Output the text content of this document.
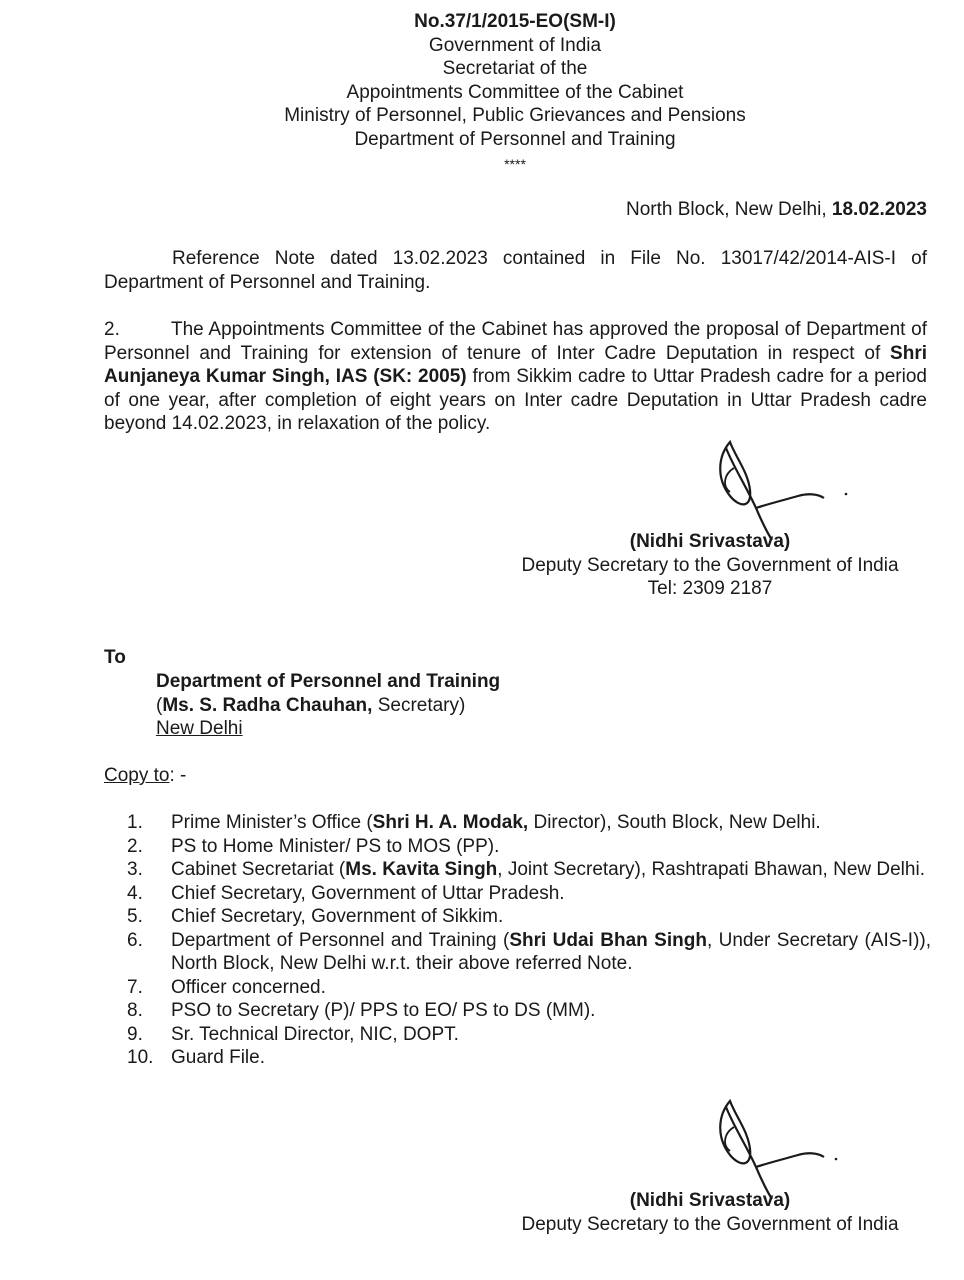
No.37/1/2015-EO(SM-I)
Government of India
Secretariat of the
Appointments Committee of the Cabinet
Ministry of Personnel, Public Grievances and Pensions
Department of Personnel and Training
****
North Block, New Delhi, 18.02.2023
Reference Note dated 13.02.2023 contained in File No. 13017/42/2014-AIS-I of Department of Personnel and Training.
2.	The Appointments Committee of the Cabinet has approved the proposal of Department of Personnel and Training for extension of tenure of Inter Cadre Deputation in respect of Shri Aunjaneya Kumar Singh, IAS (SK: 2005) from Sikkim cadre to Uttar Pradesh cadre for a period of one year, after completion of eight years on Inter cadre Deputation in Uttar Pradesh cadre beyond 14.02.2023, in relaxation of the policy.
(Nidhi Srivastava)
Deputy Secretary to the Government of India
Tel: 2309 2187
To
Department of Personnel and Training
(Ms. S. Radha Chauhan, Secretary)
New Delhi
Copy to: -
1.	Prime Minister’s Office (Shri H. A. Modak, Director), South Block, New Delhi.
2.	PS to Home Minister/ PS to MOS (PP).
3.	Cabinet Secretariat (Ms. Kavita Singh, Joint Secretary), Rashtrapati Bhawan, New Delhi.
4.	Chief Secretary, Government of Uttar Pradesh.
5.	Chief Secretary, Government of Sikkim.
6.	Department of Personnel and Training (Shri Udai Bhan Singh, Under Secretary (AIS-I)), North Block, New Delhi w.r.t. their above referred Note.
7.	Officer concerned.
8.	PSO to Secretary (P)/ PPS to EO/ PS to DS (MM).
9.	Sr. Technical Director, NIC, DOPT.
10. Guard File.
(Nidhi Srivastava)
Deputy Secretary to the Government of India
